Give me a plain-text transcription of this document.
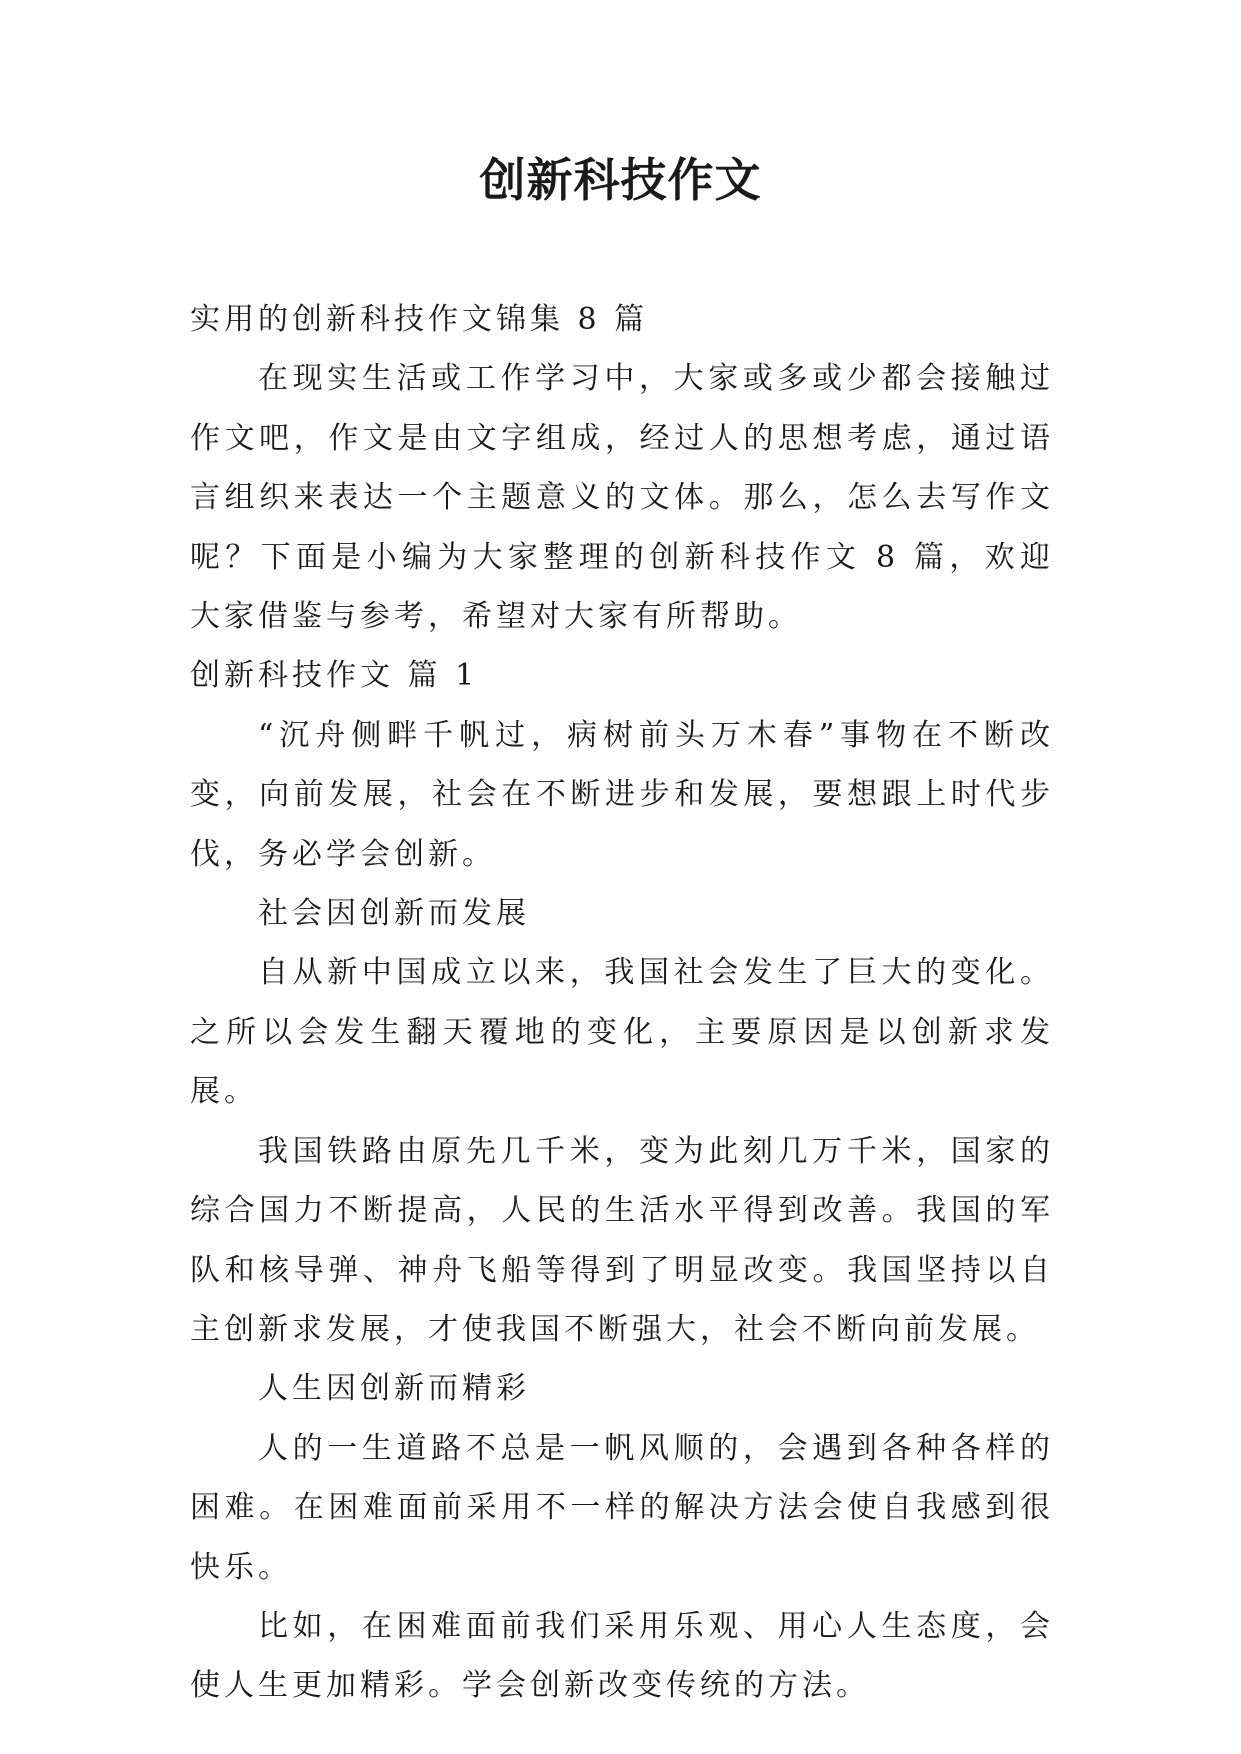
创新科技作文

实用的创新科技作文锦集 8 篇

在现实生活或工作学习中，大家或多或少都会接触过作文吧，作文是由文字组成，经过人的思想考虑，通过语言组织来表达一个主题意义的文体。那么，怎么去写作文呢？下面是小编为大家整理的创新科技作文 8 篇，欢迎大家借鉴与参考，希望对大家有所帮助。

创新科技作文 篇 1

“沉舟侧畔千帆过，病树前头万木春”事物在不断改变，向前发展，社会在不断进步和发展，要想跟上时代步伐，务必学会创新。

社会因创新而发展

自从新中国成立以来，我国社会发生了巨大的变化。之所以会发生翻天覆地的变化，主要原因是以创新求发展。

我国铁路由原先几千米，变为此刻几万千米，国家的综合国力不断提高，人民的生活水平得到改善。我国的军队和核导弹、神舟飞船等得到了明显改变。我国坚持以自主创新求发展，才使我国不断强大，社会不断向前发展。

人生因创新而精彩

人的一生道路不总是一帆风顺的，会遇到各种各样的困难。在困难面前采用不一样的解决方法会使自我感到很快乐。

比如，在困难面前我们采用乐观、用心人生态度，会使人生更加精彩。学会创新改变传统的方法。
